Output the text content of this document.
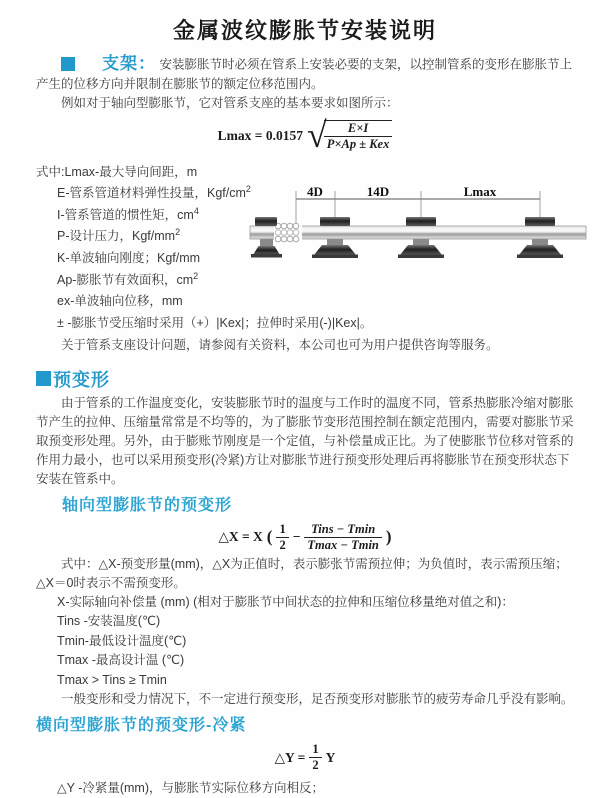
金属波纹膨胀节安装说明

支架： 安装膨胀节时必须在管系上安装必要的支架，以控制管系的变形在膨胀节上产生的位移方向并限制在膨胀节的额定位移范围内。

例如对于轴向型膨胀节，它对管系支座的基本要求如图所示：

Lmax = 0.0157 √
$\frac{E\times I}{\text{P×Ap ± Kex}}$
式中:Lmax-最大导向间距，m
E-管系管道材料弹性投量，Kgf/$cm^2$
I-管系管道的惯性矩，$cm^4$
P-设计压力，Kgf/$mm^2$
K-单波轴向刚度；Kgf/mm
Ap-膨胀节有效面积，$cm^2$
ex-单波轴向位移，mm
± -膨胀节受压缩时采用（+）|Kex|；拉伸时采用(-)|Kex|。

关于管系支座设计问题，请参阅有关资料，本公司也可为用户提供咨询等服务。

4D	14D	Lmax
预变形

由于管系的工作温度变化，安装膨胀节时的温度与工作时的温度不同，管系热膨胀冷缩对膨胀节产生的拉伸、压缩量常常是不均等的，为了膨胀节变形范围控制在额定范围内，需要对膨胀节采取预变形处理。另外，由于膨账节刚度是一个定值，与补偿量成正比。为了使膨胀节位移对管系的作用力最小，也可以采用预变形(冷紧)方让对膨胀节进行预变形处理后再将膨胀节在预变形状态下安装在管系中。

轴向型膨胀节的预变形
△X = X ( $\frac{1}{2} - \frac{\text{Tins − Tmin}}{Tmax - Tmin}$ )

式中：△X-预变形量(mm)，△X为正值时，表示膨张节需预拉伸；为负值时，表示需预压缩；△X＝0时表示不需预变形。

X-实际轴向补偿量 (mm) (相对于膨胀节中间状态的拉伸和压缩位移量绝对值之和)：

Tins -安装温度(℃)

Tmin-最低设计温度(℃)

Tmax -最高设计温 (℃)

Tmax > Tins ≥ Tmin

一般变形和受力情况下，不一定进行预变形，足否预变形对膨胀节的疲劳寿命几乎没有影响。

横向型膨胀节的预变形-冷紧
△Y = $\frac{1}{2}$ Y

△Y -冷紧量(mm)，与膨胀节实际位移方向相反；
